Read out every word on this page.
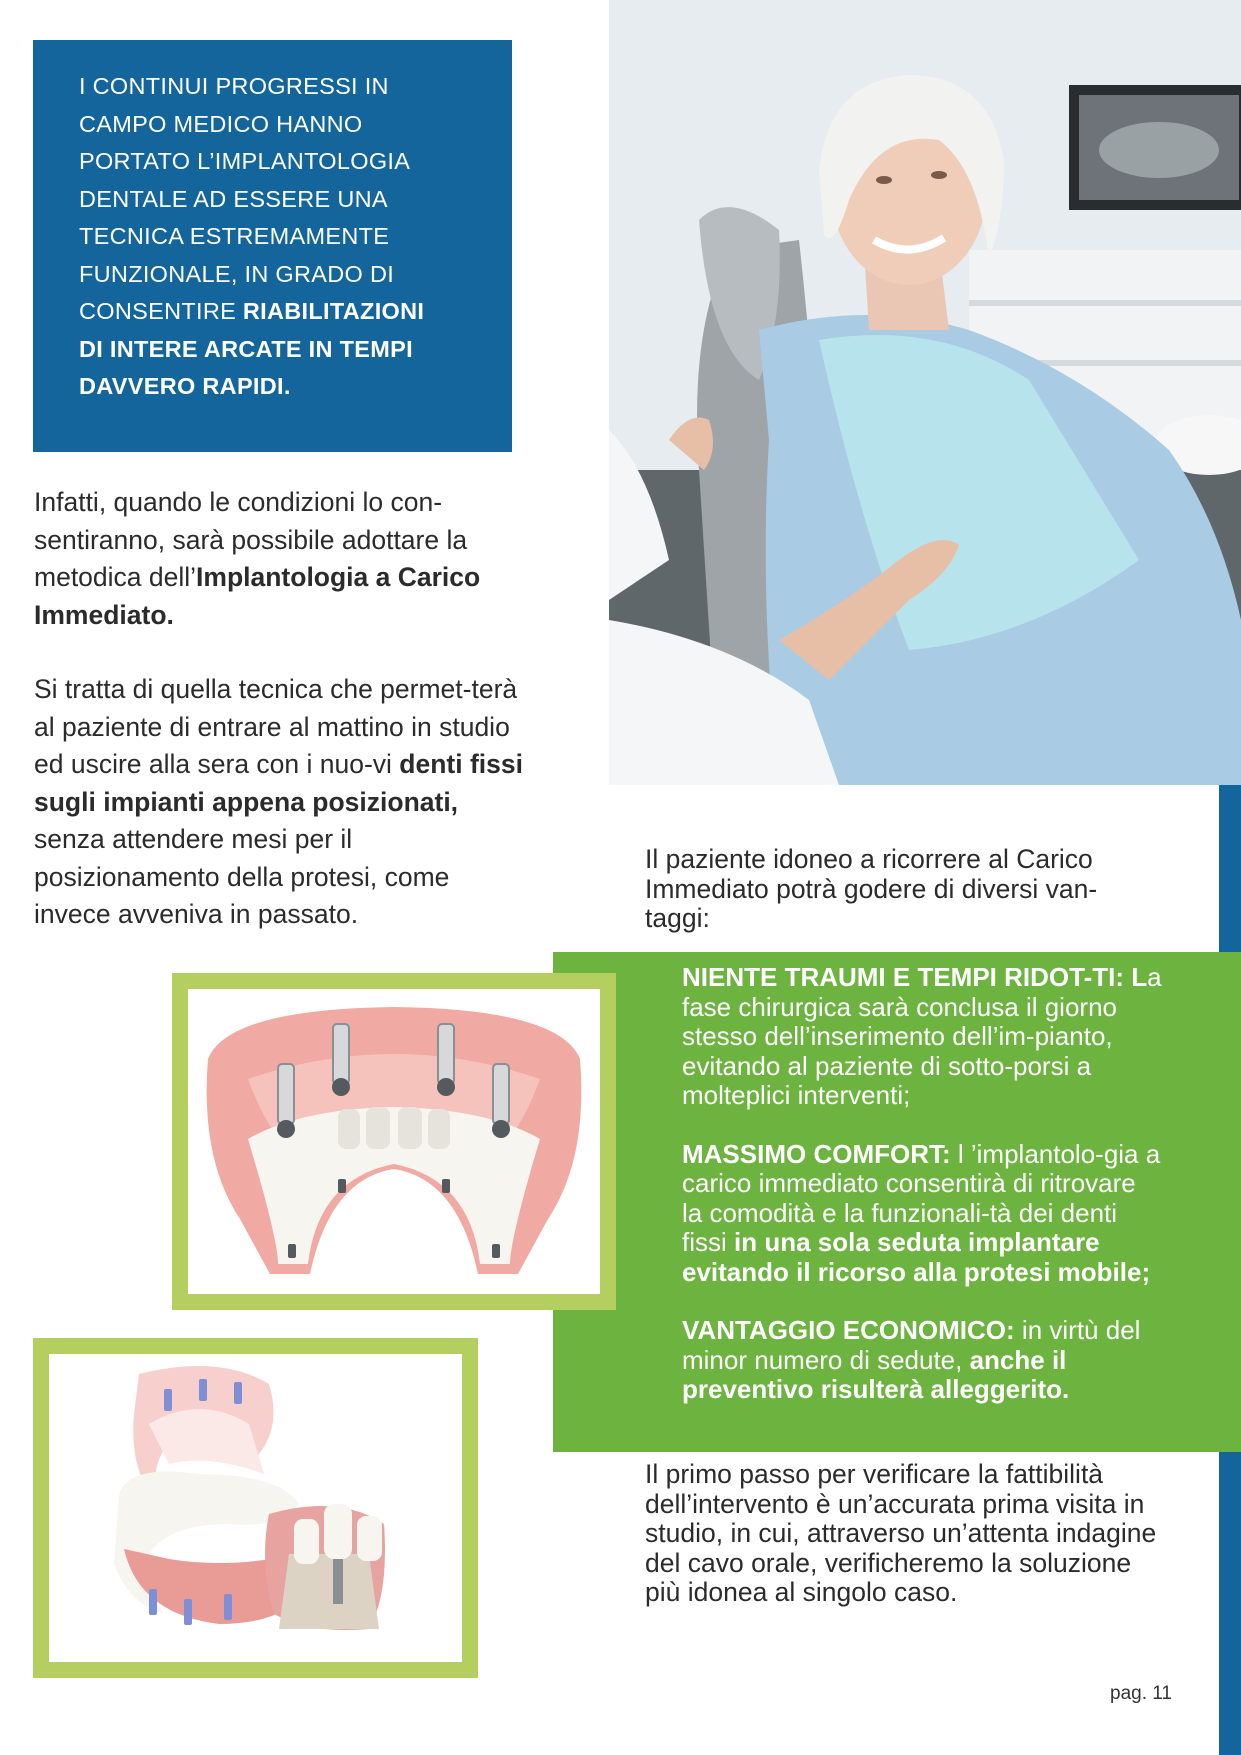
I CONTINUI PROGRESSI IN
CAMPO MEDICO HANNO
PORTATO L’IMPLANTOLOGIA
DENTALE AD ESSERE UNA
TECNICA ESTREMAMENTE
FUNZIONALE, IN GRADO DI
CONSENTIRE RIABILITAZIONI
DI INTERE ARCATE IN TEMPI
DAVVERO RAPIDI.

Infatti, quando le condizioni lo con-sentiranno, sarà possibile adottare la metodica dell’Implantologia a Carico Immediato.

Si tratta di quella tecnica che permet-terà al paziente di entrare al mattino in studio ed uscire alla sera con i nuo-vi denti fissi sugli impianti appena posizionati, senza attendere mesi per il posizionamento della protesi, come invece avveniva in passato.

Il paziente idoneo a ricorrere al Carico Immediato potrà godere di diversi van-taggi:

NIENTE TRAUMI E TEMPI RIDOT-TI: La fase chirurgica sarà conclusa il giorno stesso dell’inserimento dell’im-pianto, evitando al paziente di sotto-porsi a molteplici interventi;

MASSIMO COMFORT: l ’implantolo-gia a carico immediato consentirà di ritrovare la comodità e la funzionali-tà dei denti fissi in una sola seduta implantare evitando il ricorso alla protesi mobile;

VANTAGGIO ECONOMICO: in virtù del minor numero di sedute, anche il preventivo risulterà alleggerito.

Il primo passo per verificare la fattibilità dell’intervento è un’accurata prima visita in studio, in cui, attraverso un’attenta indagine del cavo orale, verificheremo la soluzione più idonea al singolo caso.
pag. 11
